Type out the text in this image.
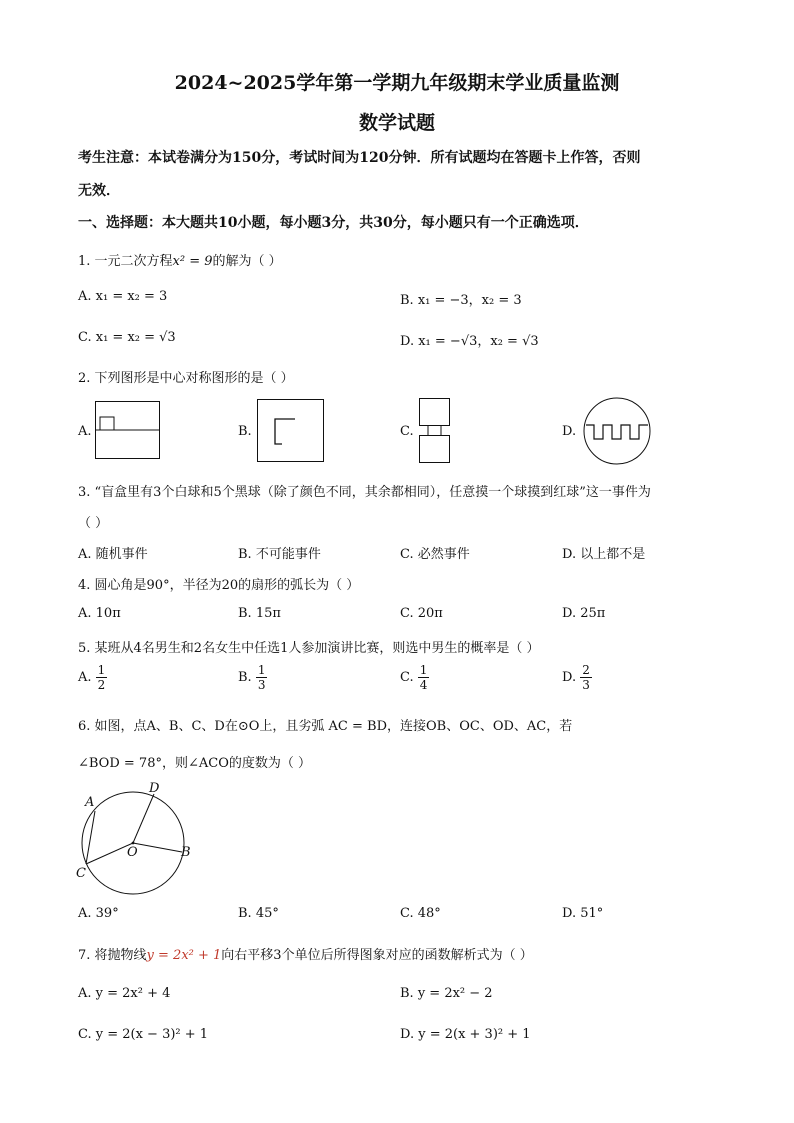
2024~2025学年第一学期九年级期末学业质量监测
数学试题
考生注意：本试卷满分为150分，考试时间为120分钟．所有试题均在答题卡上作答，否则
无效．
一、选择题：本大题共10小题，每小题3分，共30分，每小题只有一个正确选项．
1. 一元二次方程x² = 9的解为（ ）
A. x₁ = x₂ = 3	B. x₁ = −3，x₂ = 3
C. x₁ = x₂ = √3	D. x₁ = −√3，x₂ = √3
2. 下列图形是中心对称图形的是（ ）
A.	B.	C.	D.
3. “盲盒里有3个白球和5个黑球（除了颜色不同，其余都相同），任意摸一个球摸到红球”这一事件为
（ ）
A. 随机事件	B. 不可能事件	C. 必然事件	D. 以上都不是
4. 圆心角是90°，半径为20的扇形的弧长为（ ）
A. 10π	B. 15π	C. 20π	D. 25π
5. 某班从4名男生和2名女生中任选1人参加演讲比赛，则选中男生的概率是（ ）
A. $\frac{1}{2}$	B. $\frac{1}{3}$	C. $\frac{1}{4}$	D. $\frac{2}{3}$
6. 如图，点A、B、C、D在⊙O上，且劣弧 AC = BD，连接OB、OC、OD、AC，若
∠BOD = 78°，则∠ACO的度数为（ ）
A
D
O	B
C
A. 39°	B. 45°	C. 48°	D. 51°
7. 将抛物线y = 2x² + 1向右平移3个单位后所得图象对应的函数解析式为（ ）
A. y = 2x² + 4	B. y = 2x² − 2
C. y = 2(x − 3)² + 1	D. y = 2(x + 3)² + 1
